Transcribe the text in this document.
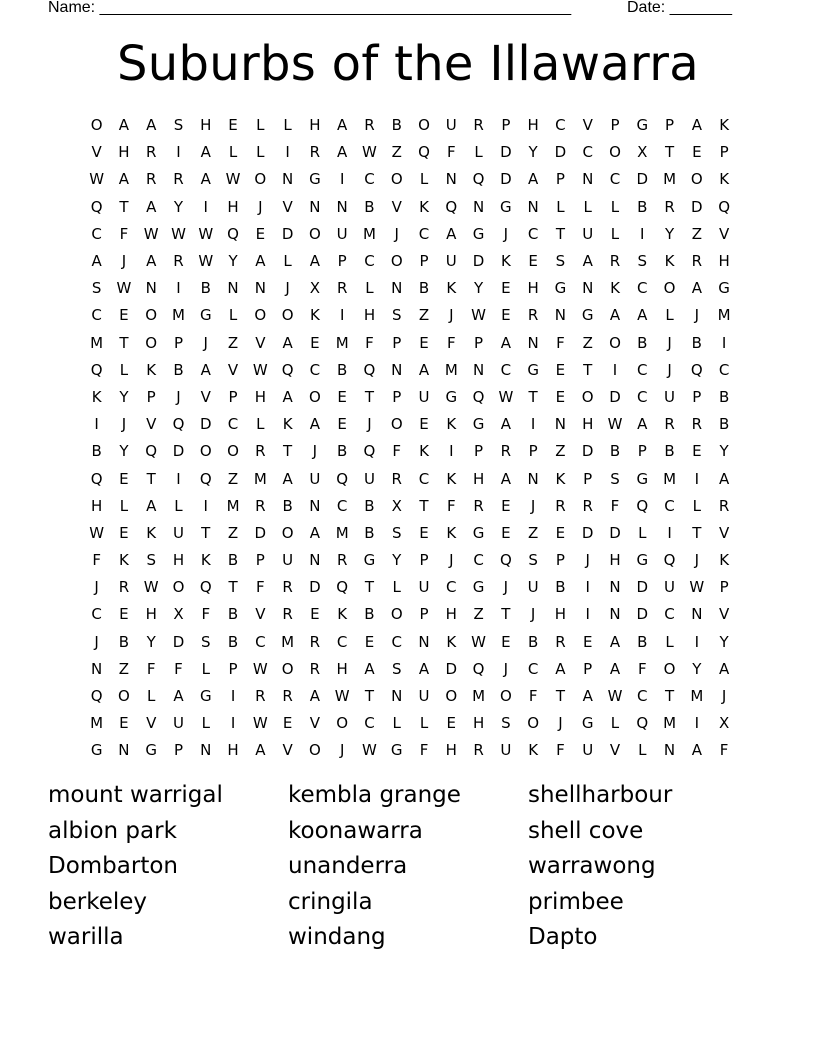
Name: _____________________________________________________	Date: _______
Suburbs of the Illawarra
O	A	A	S	H	E	L	L	H	A	R	B	O	U	R	P	H	C	V	P	G	P	A	K
V	H	R	I	A	L	L	I	R	A W Z	Q	F	L	D	Y	D	C	O	X	T	E	P
W A	R	R	A W O	N	G	I	C	O	L	N	Q	D	A	P	N	C	D	M O	K
Q	T	A	Y	I	H	J	V	N	N	B	V	K	Q	N	G	N	L	L	L	B	R	D	Q
C	F	W W W Q	E	D	O	U	M	J	C	A	G	J	C	T	U	L	I	Y	Z	V
A	J	A	R W	Y	A	L	A	P	C	O	P	U	D	K	E	S	A	R	S	K	R	H
S	W N	I	B	N	N	J	X	R	L	N	B	K	Y	E	H	G	N	K	C	O	A	G
C	E	O M	G	L	O	O	K	I	H	S	Z	J	W	E	R	N	G	A	A	L	J	M
M	T	O	P	J	Z	V	A	E	M	F	P	E	F	P	A	N	F	Z	O	B	J	B	I
Q	L	K	B	A	V W Q	C	B	Q	N	A	M	N	C	G	E	T	I	C	J	Q	C
K	Y	P	J	V	P	H	A	O	E	T	P	U	G	Q W	T	E	O	D	C	U	P	B
I	J	V	Q	D	C	L	K	A	E	J	O	E	K	G	A	I	N	H W A	R	R	B
B	Y	Q	D	O	O	R	T	J	B	Q	F	K	I	P	R	P	Z	D	B	P	B	E	Y
Q	E	T	I	Q	Z	M	A	U	Q	U	R	C	K	H	A	N	K	P	S	G M	I	A
H	L	A	L	I	M	R	B	N	C	B	X	T	F	R	E	J	R	R	F	Q	C	L	R
W	E	K	U	T	Z	D	O	A	M	B	S	E	K	G	E	Z	E	D	D	L	I	T	V
F	K	S	H	K	B	P	U	N	R	G	Y	P	J	C	Q	S	P	J	H	G	Q	J	K
J	R W O	Q	T	F	R	D	Q	T	L	U	C	G	J	U	B	I	N	D	U W	P
C	E	H	X	F	B	V	R	E	K	B	O	P	H	Z	T	J	H	I	N	D	C	N	V
J	B	Y	D	S	B	C	M	R	C	E	C	N	K W	E	B	R	E	A	B	L	I	Y
N	Z	F	F	L	P	W O	R	H	A	S	A	D	Q	J	C	A	P	A	F	O	Y	A
Q	O	L	A	G	I	R	R	A W	T	N	U	O M O	F	T	A W C	T	M	J
M	E	V	U	L	I	W	E	V	O	C	L	L	E	H	S	O	J	G	L	Q M	I	X
G	N	G	P	N	H	A	V	O	J	W G	F	H	R	U	K	F	U	V	L	N	A	F
mount warrigal
albion park
Dombarton
berkeley
warilla
kembla grange
koonawarra
unanderra
cringila
windang
shellharbour
shell cove
warrawong
primbee
Dapto
